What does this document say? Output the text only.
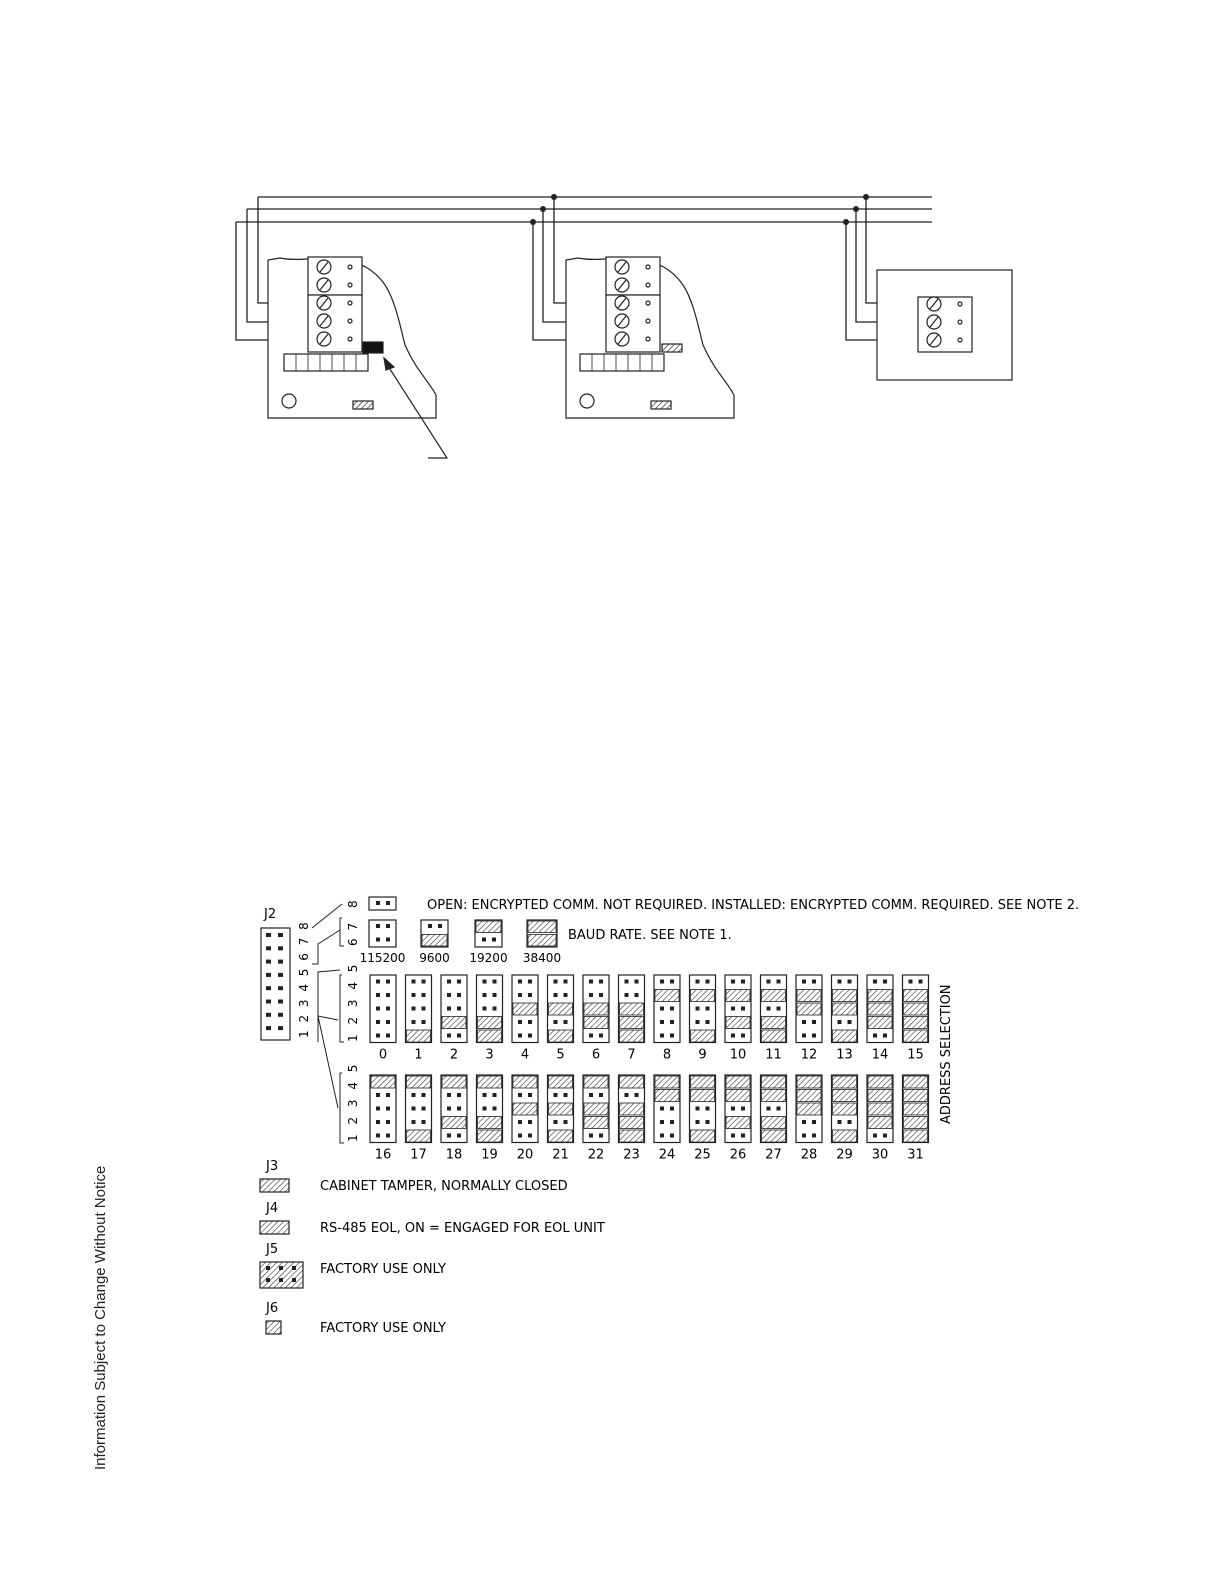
J2
1 2 3 4 5 6 7 8
8
6 7
1 2 3 4 5
1 2 3 4 5
OPEN: ENCRYPTED COMM. NOT REQUIRED. INSTALLED: ENCRYPTED COMM. REQUIRED. SEE NOTE 2.
115200 9600 19200 38400
BAUD RATE. SEE NOTE 1.
0 1 2 3 4 5 6 7 8 9 10 11 12 13 14 15
16 17 18 19 20 21 22 23 24 25 26 27 28 29 30 31
ADDRESS SELECTION
J3
CABINET TAMPER, NORMALLY CLOSED
J4
RS-485 EOL, ON = ENGAGED FOR EOL UNIT
J5
FACTORY USE ONLY
J6
FACTORY USE ONLY
Information Subject to Change Without Notice
